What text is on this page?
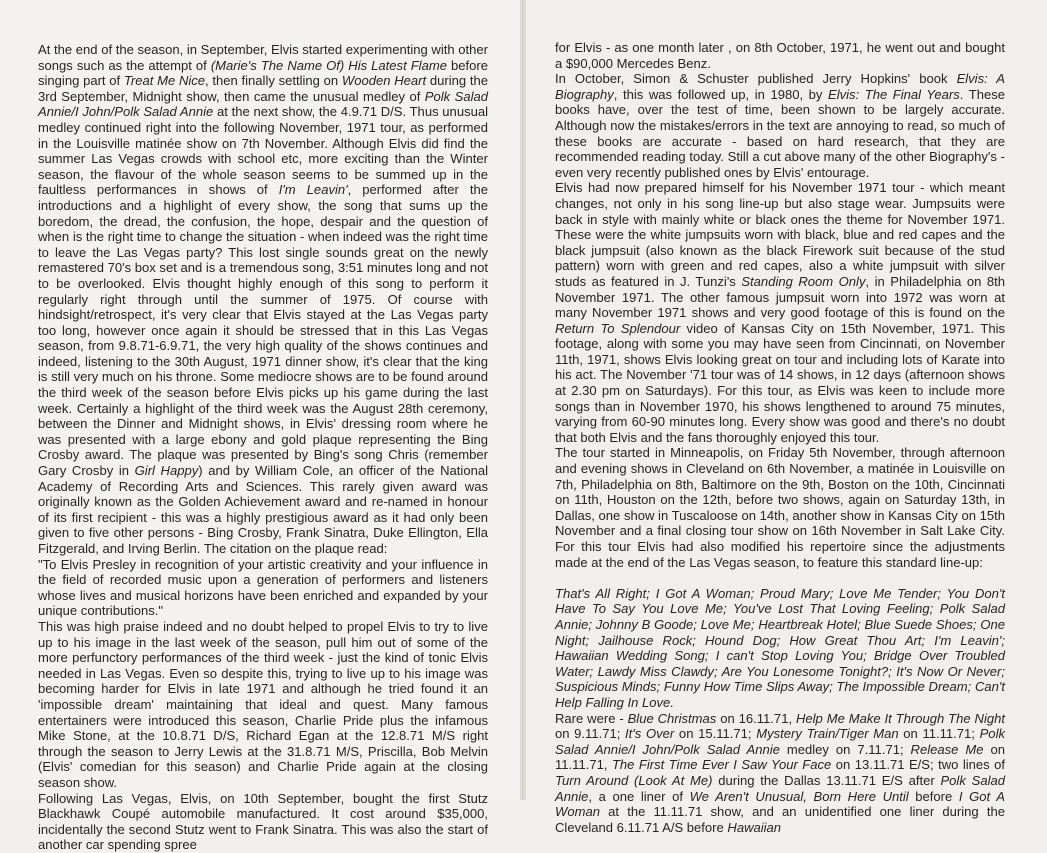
At the end of the season, in September, Elvis started experimenting with other songs such as the attempt of (Marie's The Name Of) His Latest Flame before singing part of Treat Me Nice, then finally settling on Wooden Heart during the 3rd September, Midnight show, then came the unusual medley of Polk Salad Annie/I John/Polk Salad Annie at the next show, the 4.9.71 D/S. Thus unusual medley continued right into the following November, 1971 tour, as performed in the Louisville matinée show on 7th November. Although Elvis did find the summer Las Vegas crowds with school etc, more exciting than the Winter season, the flavour of the whole season seems to be summed up in the faultless performances in shows of I'm Leavin', performed after the introductions and a highlight of every show, the song that sums up the boredom, the dread, the confusion, the hope, despair and the question of when is the right time to change the situation - when indeed was the right time to leave the Las Vegas party? This lost single sounds great on the newly remastered 70's box set and is a tremendous song, 3:51 minutes long and not to be overlooked. Elvis thought highly enough of this song to perform it regularly right through until the summer of 1975. Of course with hindsight/retrospect, it's very clear that Elvis stayed at the Las Vegas party too long, however once again it should be stressed that in this Las Vegas season, from 9.8.71-6.9.71, the very high quality of the shows continues and indeed, listening to the 30th August, 1971 dinner show, it's clear that the king is still very much on his throne. Some mediocre shows are to be found around the third week of the season before Elvis picks up his game during the last week. Certainly a highlight of the third week was the August 28th ceremony, between the Dinner and Midnight shows, in Elvis' dressing room where he was presented with a large ebony and gold plaque representing the Bing Crosby award. The plaque was presented by Bing's song Chris (remember Gary Crosby in Girl Happy) and by William Cole, an officer of the National Academy of Recording Arts and Sciences. This rarely given award was originally known as the Golden Achievement award and re-named in honour of its first recipient - this was a highly prestigious award as it had only been given to five other persons - Bing Crosby, Frank Sinatra, Duke Ellington, Ella Fitzgerald, and Irving Berlin. The citation on the plaque read:

"To Elvis Presley in recognition of your artistic creativity and your influence in the field of recorded music upon a generation of performers and listeners whose lives and musical horizons have been enriched and expanded by your unique contributions."

This was high praise indeed and no doubt helped to propel Elvis to try to live up to his image in the last week of the season, pull him out of some of the more perfunctory performances of the third week - just the kind of tonic Elvis needed in Las Vegas. Even so despite this, trying to live up to his image was becoming harder for Elvis in late 1971 and although he tried found it an 'impossible dream' maintaining that ideal and quest. Many famous entertainers were introduced this season, Charlie Pride plus the infamous Mike Stone, at the 10.8.71 D/S, Richard Egan at the 12.8.71 M/S right through the season to Jerry Lewis at the 31.8.71 M/S, Priscilla, Bob Melvin (Elvis' comedian for this season) and Charlie Pride again at the closing season show.

Following Las Vegas, Elvis, on 10th September, bought the first Stutz Blackhawk Coupé automobile manufactured. It cost around $35,000, incidentally the second Stutz went to Frank Sinatra. This was also the start of another car spending spree

for Elvis - as one month later , on 8th October, 1971, he went out and bought a $90,000 Mercedes Benz.

In October, Simon & Schuster published Jerry Hopkins' book Elvis: A Biography, this was followed up, in 1980, by Elvis: The Final Years. These books have, over the test of time, been shown to be largely accurate. Although now the mistakes/errors in the text are annoying to read, so much of these books are accurate - based on hard research, that they are recommended reading today. Still a cut above many of the other Biography's - even very recently published ones by Elvis' entourage.

Elvis had now prepared himself for his November 1971 tour - which meant changes, not only in his song line-up but also stage wear. Jumpsuits were back in style with mainly white or black ones the theme for November 1971. These were the white jumpsuits worn with black, blue and red capes and the black jumpsuit (also known as the black Firework suit because of the stud pattern) worn with green and red capes, also a white jumpsuit with silver studs as featured in J. Tunzi's Standing Room Only, in Philadelphia on 8th November 1971. The other famous jumpsuit worn into 1972 was worn at many November 1971 shows and very good footage of this is found on the Return To Splendour video of Kansas City on 15th November, 1971. This footage, along with some you may have seen from Cincinnati, on November 11th, 1971, shows Elvis looking great on tour and including lots of Karate into his act. The November '71 tour was of 14 shows, in 12 days (afternoon shows at 2.30 pm on Saturdays). For this tour, as Elvis was keen to include more songs than in November 1970, his shows lengthened to around 75 minutes, varying from 60-90 minutes long. Every show was good and there's no doubt that both Elvis and the fans thoroughly enjoyed this tour.

The tour started in Minneapolis, on Friday 5th November, through afternoon and evening shows in Cleveland on 6th November, a matinée in Louisville on 7th, Philadelphia on 8th, Baltimore on the 9th, Boston on the 10th, Cincinnati on 11th, Houston on the 12th, before two shows, again on Saturday 13th, in Dallas, one show in Tuscaloose on 14th, another show in Kansas City on 15th November and a final closing tour show on 16th November in Salt Lake City. For this tour Elvis had also modified his repertoire since the adjustments made at the end of the Las Vegas season, to feature this standard line-up:

That's All Right; I Got A Woman; Proud Mary; Love Me Tender; You Don't Have To Say You Love Me; You've Lost That Loving Feeling; Polk Salad Annie; Johnny B Goode; Love Me; Heartbreak Hotel; Blue Suede Shoes; One Night; Jailhouse Rock; Hound Dog; How Great Thou Art; I'm Leavin'; Hawaiian Wedding Song; I can't Stop Loving You; Bridge Over Troubled Water; Lawdy Miss Clawdy; Are You Lonesome Tonight?; It's Now Or Never; Suspicious Minds; Funny How Time Slips Away; The Impossible Dream; Can't Help Falling In Love.

Rare were - Blue Christmas on 16.11.71, Help Me Make It Through The Night on 9.11.71; It's Over on 15.11.71; Mystery Train/Tiger Man on 11.11.71; Polk Salad Annie/I John/Polk Salad Annie medley on 7.11.71; Release Me on 11.11.71, The First Time Ever I Saw Your Face on 13.11.71 E/S; two lines of Turn Around (Look At Me) during the Dallas 13.11.71 E/S after Polk Salad Annie, a one liner of We Aren't Unusual, Born Here Until before I Got A Woman at the 11.11.71 show, and an unidentified one liner during the Cleveland 6.11.71 A/S before Hawaiian
